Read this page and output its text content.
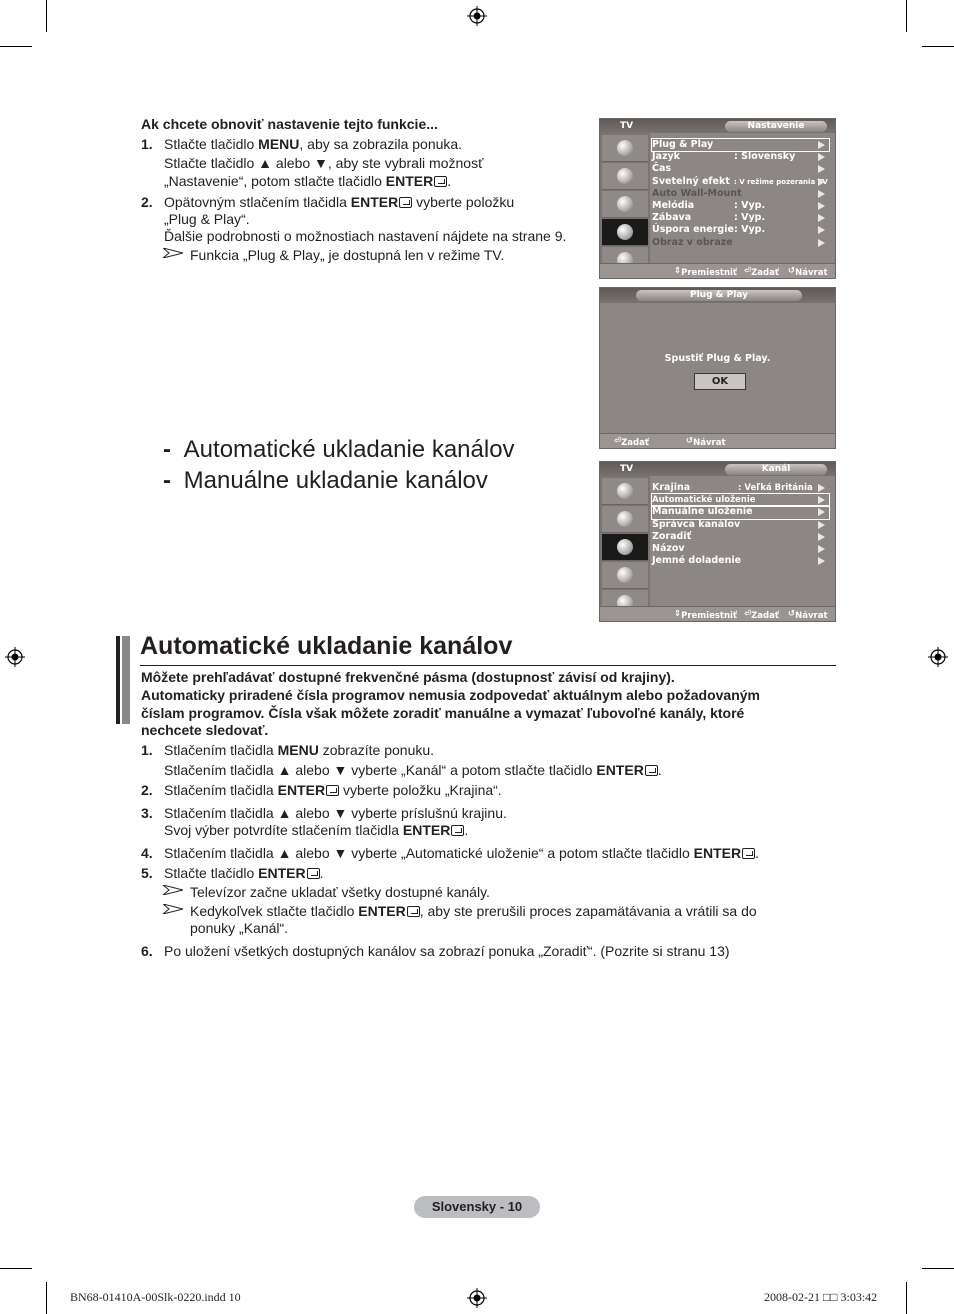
Ak chcete obnoviť nastavenie tejto funkcie...
1. Stlačte tlačidlo MENU, aby sa zobrazila ponuka.
Stlačte tlačidlo ▲ alebo ▼, aby ste vybrali možnosť
„Nastavenie“, potom stlačte tlačidlo ENTER .
2. Opätovným stlačením tlačidla ENTER vyberte položku
„Plug & Play“.
Ďalšie podrobnosti o možnostiach nastavení nájdete na strane 9.
Funkcia „Plug & Play„ je dostupná len v režime TV.
TV	Nastavenie
Plug & Play
Jazyk	: Slovensky
Čas
Svetelný efekt : V režime pozerania TV
Auto Wall-Mount
Melódia	: Vyp.
Zábava	: Vyp.
Úspora energie : Vyp.
Obraz v obraze
⇕ Premiestniť ⏎ Zadať ↺ Návrat
Plug & Play
Spustiť Plug & Play.
OK
⏎ Zadať	↺ Návrat
- Automatické ukladanie kanálov
- Manuálne ukladanie kanálov	TV	Kanál
Krajina	: Veľká Británia
Automatické uloženie
Manuálne uloženie
Správca kanálov
Zoradiť
Názov
Jemné doladenie
⇕ Premiestniť ⏎ Zadať ↺ Návrat
Automatické ukladanie kanálov
Môžete prehľadávať dostupné frekvenčné pásma (dostupnosť závisí od krajiny).
Automaticky priradené čísla programov nemusia zodpovedať aktuálnym alebo požadovaným
číslam programov. Čísla však môžete zoradiť manuálne a vymazať ľubovoľné kanály, ktoré
nechcete sledovať.
1. Stlačením tlačidla MENU zobrazíte ponuku.
Stlačením tlačidla ▲ alebo ▼ vyberte „Kanál“ a potom stlačte tlačidlo ENTER .
2. Stlačením tlačidla ENTER vyberte položku „Krajina“.
3. Stlačením tlačidla ▲ alebo ▼ vyberte príslušnú krajinu.
Svoj výber potvrdíte stlačením tlačidla ENTER .
4. Stlačením tlačidla ▲ alebo ▼ vyberte „Automatické uloženie“ a potom stlačte tlačidlo ENTER .
5. Stlačte tlačidlo ENTER .
Televízor začne ukladať všetky dostupné kanály.
Kedykoľvek stlačte tlačidlo ENTER , aby ste prerušili proces zapamätávania a vrátili sa do
ponuky „Kanál“.
6. Po uložení všetkých dostupných kanálov sa zobrazí ponuka „Zoradiť“. (Pozrite si stranu 13)
Slovensky - 10
BN68-01410A-00Slk-0220.indd 10	2008-02-21 □□ 3:03:42
